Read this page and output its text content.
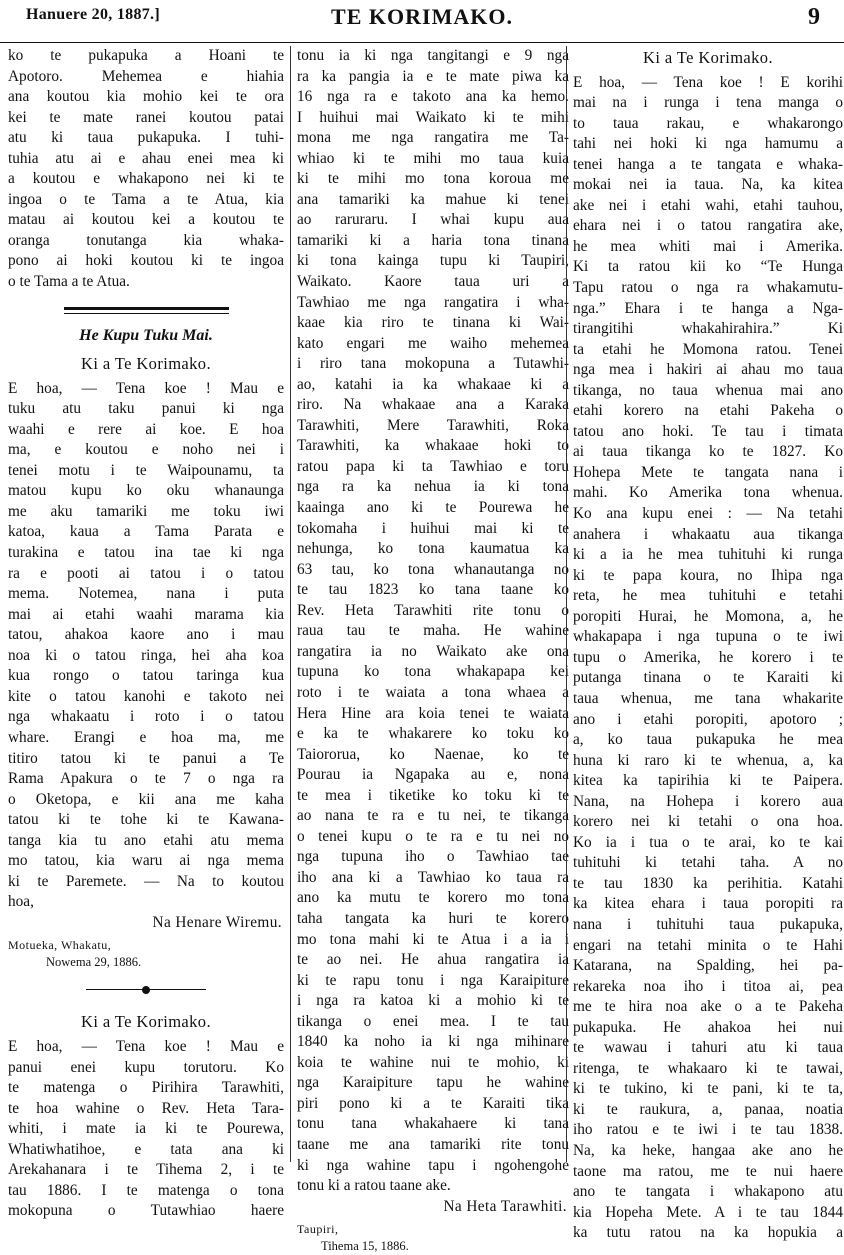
Hanuere 20, 1887.]	TE KORIMAKO.	9
ko te pukapuka a Hoani te
Apotoro. Mehemea e hiahia
ana koutou kia mohio kei te ora
kei te mate ranei koutou patai
atu ki taua pukapuka. I tuhi-
tuhia atu ai e ahau enei mea ki
a koutou e whakapono nei ki te
ingoa o te Tama a te Atua, kia
matau ai koutou kei a koutou te
oranga tonutanga kia whaka-
pono ai hoki koutou ki te ingoa
o te Tama a te Atua.
He Kupu Tuku Mai.
Ki a Te Korimako.
E hoa, — Tena koe ! Mau e
tuku atu taku panui ki nga
waahi e rere ai koe. E hoa
ma, e koutou e noho nei i
tenei motu i te Waipounamu, ta
matou kupu ko oku whanaunga
me aku tamariki me toku iwi
katoa, kaua a Tama Parata e
turakina e tatou ina tae ki nga
ra e pooti ai tatou i o tatou
mema. Notemea, nana i puta
mai ai etahi waahi marama kia
tatou, ahakoa kaore ano i mau
noa ki o tatou ringa, hei aha koa
kua rongo o tatou taringa kua
kite o tatou kanohi e takoto nei
nga whakaatu i roto i o tatou
whare. Erangi e hoa ma, me
titiro tatou ki te panui a Te
Rama Apakura o te 7 o nga ra
o Oketopa, e kii ana me kaha
tatou ki te tohe ki te Kawana-
tanga kia tu ano etahi atu mema
mo tatou, kia waru ai nga mema
ki te Paremete. — Na to koutou
hoa,
Na Henare Wiremu.
Motueka, Whakatu,
Nowema 29, 1886.
Ki a Te Korimako.
E hoa, — Tena koe ! Mau e
panui enei kupu torutoru. Ko
te matenga o Pirihira Tarawhiti,
te hoa wahine o Rev. Heta Tara-
whiti, i mate ia ki te Pourewa,
Whatiwhatihoe, e tata ana ki
Arekahanara i te Tihema 2, i te
tau 1886. I te matenga o tona
mokopuna o Tutawhiao haere
tonu ia ki nga tangitangi e 9 nga
ra ka pangia ia e te mate piwa ka
16 nga ra e takoto ana ka hemo.
I huihui mai Waikato ki te mihi
mona me nga rangatira me Ta-
whiao ki te mihi mo taua kuia
ki te mihi mo tona koroua me
ana tamariki ka mahue ki tenei
ao raruraru. I whai kupu aua
tamariki ki a haria tona tinana
ki tona kainga tupu ki Taupiri,
Waikato. Kaore taua uri a
Tawhiao me nga rangatira i wha-
kaae kia riro te tinana ki Wai-
kato engari me waiho mehemea
i riro tana mokopuna a Tutawhi-
ao, katahi ia ka whakaae ki a
riro. Na whakaae ana a Karaka
Tarawhiti, Mere Tarawhiti, Roka
Tarawhiti, ka whakaae hoki to
ratou papa ki ta Tawhiao e toru
nga ra ka nehua ia ki tona
kaainga ano ki te Pourewa he
tokomaha i huihui mai ki te
nehunga, ko tona kaumatua ka
63 tau, ko tona whanautanga no
te tau 1823 ko tana taane ko
Rev. Heta Tarawhiti rite tonu o
raua tau te maha. He wahine
rangatira ia no Waikato ake ona
tupuna ko tona whakapapa kei
roto i te waiata a tona whaea a
Hera Hine ara koia tenei te waiata
e ka te whakarere ko toku ko
Taiororua, ko Naenae, ko te
Pourau ia Ngapaka au e, nona
te mea i tiketike ko toku ki te
ao nana te ra e tu nei, te tikanga
o tenei kupu o te ra e tu nei no
nga tupuna iho o Tawhiao tae
iho ana ki a Tawhiao ko taua ra
ano ka mutu te korero mo tona
taha tangata ka huri te korero
mo tona mahi ki te Atua i a ia i
te ao nei. He ahua rangatira ia
ki te rapu tonu i nga Karaipiture
i nga ra katoa ki a mohio ki te
tikanga o enei mea. I te tau
1840 ka noho ia ki nga mihinare
koia te wahine nui te mohio, ki
nga Karaipiture tapu he wahine
piri pono ki a te Karaiti tika
tonu tana whakahaere ki tana
taane me ana tamariki rite tonu
ki nga wahine tapu i ngohengohe
tonu ki a ratou taane ake.
Na Heta Tarawhiti.
Taupiri,
Tihema 15, 1886.
Ki a Te Korimako.
E hoa, — Tena koe ! E korihi
mai na i runga i tena manga o
to taua rakau, e whakarongo
tahi nei hoki ki nga hamumu a
tenei hanga a te tangata e whaka-
mokai nei ia taua. Na, ka kitea
ake nei i etahi wahi, etahi tauhou,
ehara nei i o tatou rangatira ake,
he mea whiti mai i Amerika.
Ki ta ratou kii ko “Te Hunga
Tapu ratou o nga ra whakamutu-
nga.” Ehara i te hanga a Nga-
tirangitihi whakahirahira.” Ki
ta etahi he Momona ratou. Tenei
nga mea i hakiri ai ahau mo taua
tikanga, no taua whenua mai ano
etahi korero na etahi Pakeha o
tatou ano hoki. Te tau i timata
ai taua tikanga ko te 1827. Ko
Hohepa Mete te tangata nana i
mahi. Ko Amerika tona whenua.
Ko ana kupu enei : — Na tetahi
anahera i whakaatu aua tikanga
ki a ia he mea tuhituhi ki runga
ki te papa koura, no Ihipa nga
reta, he mea tuhituhi e tetahi
poropiti Hurai, he Momona, a, he
whakapapa i nga tupuna o te iwi
tupu o Amerika, he korero i te
putanga tinana o te Karaiti ki
taua whenua, me tana whakarite
ano i etahi poropiti, apotoro ;
a, ko taua pukapuka he mea
huna ki raro ki te whenua, a, ka
kitea ka tapirihia ki te Paipera.
Nana, na Hohepa i korero aua
korero nei ki tetahi o ona hoa.
Ko ia i tua o te arai, ko te kai
tuhituhi ki tetahi taha. A no
te tau 1830 ka perihitia. Katahi
ka kitea ehara i taua poropiti ra
nana i tuhituhi taua pukapuka,
engari na tetahi minita o te Hahi
Katarana, na Spalding, hei pa-
rekareka noa iho i titoa ai, pea
me te hira noa ake o a te Pakeha
pukapuka. He ahakoa hei nui
te wawau i tahuri atu ki taua
ritenga, te whakaaro ki te tawai,
ki te tukino, ki te pani, ki te ta,
ki te raukura, a, panaa, noatia
iho ratou e te iwi i te tau 1838.
Na, ka heke, hangaa ake ano he
taone ma ratou, me te nui haere
ano te tangata i whakapono atu
kia Hopeha Mete. A i te tau 1844
ka tutu ratou na ka hopukia a
